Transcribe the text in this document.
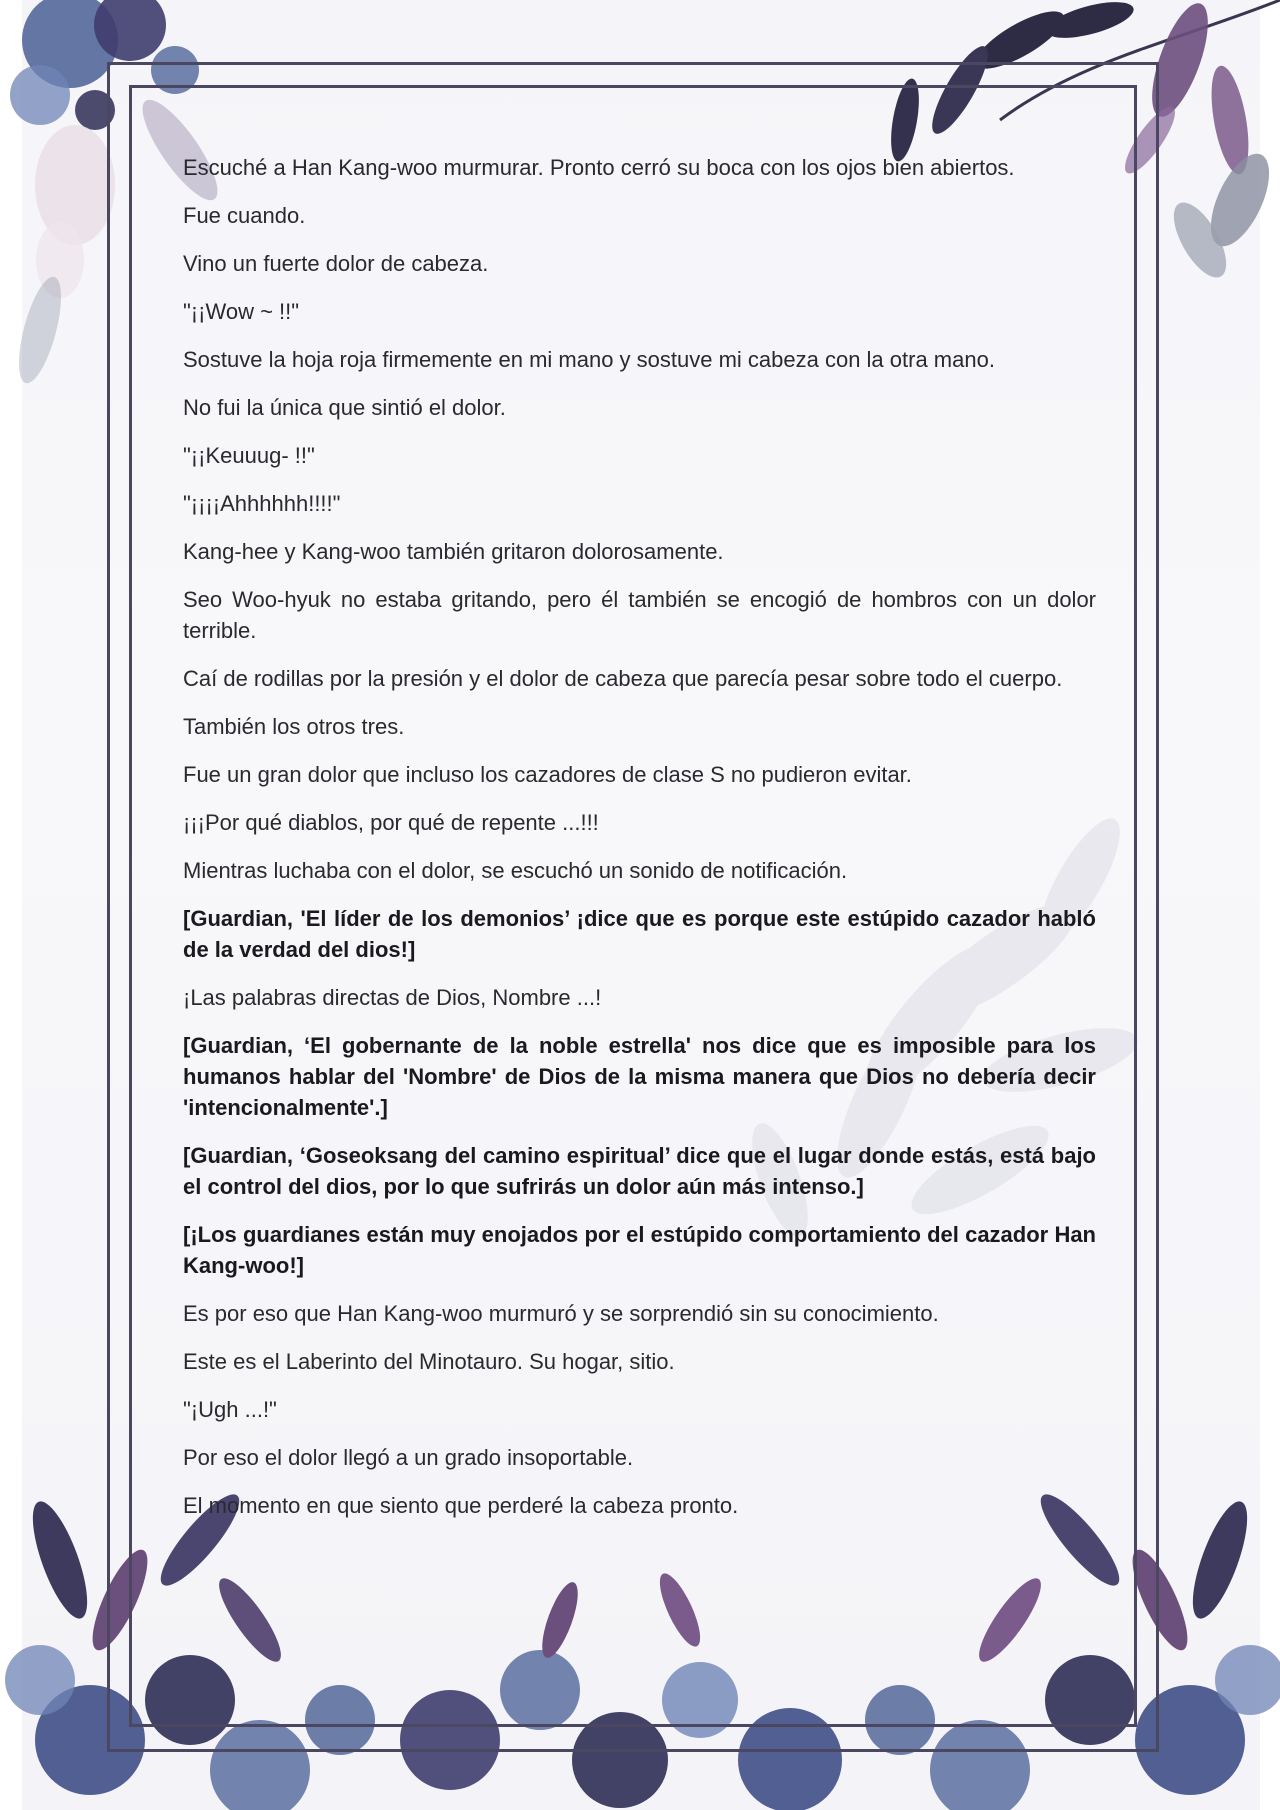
Escuché a Han Kang-woo murmurar. Pronto cerró su boca con los ojos bien abiertos.

Fue cuando.

Vino un fuerte dolor de cabeza.

"¡¡Wow ~ !!"

Sostuve la hoja roja firmemente en mi mano y sostuve mi cabeza con la otra mano.

No fui la única que sintió el dolor.

"¡¡Keuuug- !!"

"¡¡¡¡Ahhhhhh!!!!"

Kang-hee y Kang-woo también gritaron dolorosamente.

Seo Woo-hyuk no estaba gritando, pero él también se encogió de hombros con un dolor terrible.

Caí de rodillas por la presión y el dolor de cabeza que parecía pesar sobre todo el cuerpo.

También los otros tres.

Fue un gran dolor que incluso los cazadores de clase S no pudieron evitar.

¡¡¡Por qué diablos, por qué de repente ...!!!

Mientras luchaba con el dolor, se escuchó un sonido de notificación.

[Guardian, 'El líder de los demonios’ ¡dice que es porque este estúpido cazador habló de la verdad del dios!]

¡Las palabras directas de Dios, Nombre ...!

[Guardian, ‘El gobernante de la noble estrella' nos dice que es imposible para los humanos hablar del 'Nombre' de Dios de la misma manera que Dios no debería decir 'intencionalmente'.]

[Guardian, ‘Goseoksang del camino espiritual’ dice que el lugar donde estás, está bajo el control del dios, por lo que sufrirás un dolor aún más intenso.]

[¡Los guardianes están muy enojados por el estúpido comportamiento del cazador Han Kang-woo!]

Es por eso que Han Kang-woo murmuró y se sorprendió sin su conocimiento.

Este es el Laberinto del Minotauro. Su hogar, sitio.

"¡Ugh ...!"

Por eso el dolor llegó a un grado insoportable.

El momento en que siento que perderé la cabeza pronto.
